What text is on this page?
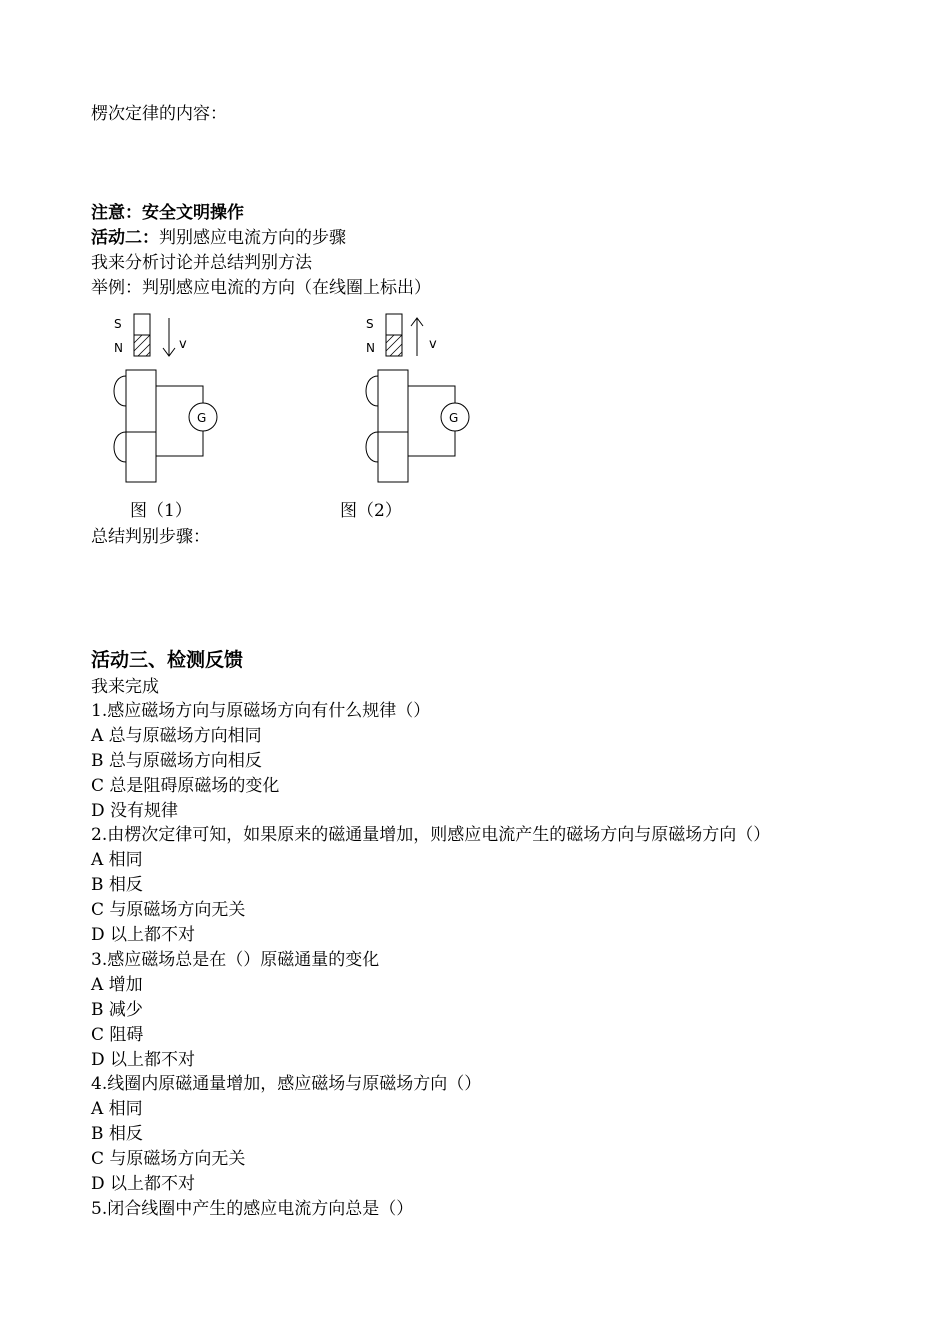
楞次定律的内容：
注意：安全文明操作
活动二：判别感应电流方向的步骤
我来分析讨论并总结判别方法
举例：判别感应电流的方向（在线圈上标出）
S
N	v
G
图（1）
S
N	v
G
图（2）
总结判别步骤：
活动三、检测反馈
我来完成
1.感应磁场方向与原磁场方向有什么规律（）
A 总与原磁场方向相同
B 总与原磁场方向相反
C 总是阻碍原磁场的变化
D 没有规律
2.由楞次定律可知，如果原来的磁通量增加，则感应电流产生的磁场方向与原磁场方向（）
A 相同
B 相反
C 与原磁场方向无关
D 以上都不对
3.感应磁场总是在（）原磁通量的变化
A 增加
B 减少
C 阻碍
D 以上都不对
4.线圈内原磁通量增加，感应磁场与原磁场方向（）
A 相同
B 相反
C 与原磁场方向无关
D 以上都不对
5.闭合线圈中产生的感应电流方向总是（）
